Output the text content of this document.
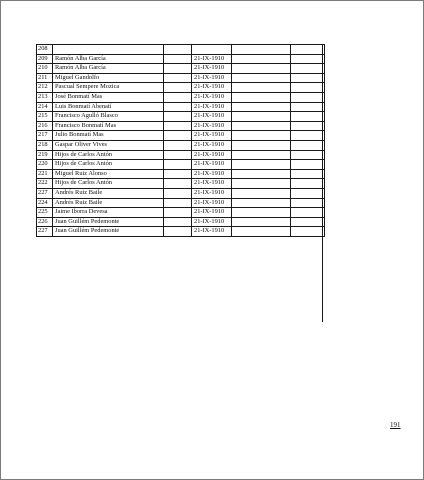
208					
209	Ramón Alba García		21-IX-1910		
210	Ramón Alba García		21-IX-1910		
211	Miguel Gandolfo		21-IX-1910		
212	Pascual Sempere Mozica		21-IX-1910		
213	José Bonmatí Mas		21-IX-1910		
214	Luis Bonmatí Abenatí		21-IX-1910		
215	Francisco Agulló Blasco		21-IX-1910		
216	Francisco Bonmatí Mas		21-IX-1910		
217	Julio Bonmatí Mas		21-IX-1910		
218	Gaspar Oliver Vives		21-IX-1910		
219	Hijos de Carlos Antón		21-IX-1910		
220	Hijos de Carlos Antón		21-IX-1910		
221	Miguel Ruiz Alonso		21-IX-1910		
222	Hijos de Carlos Antón		21-IX-1910		
227	Andrés Ruiz Baile		21-IX-1910		
224	Andrés Ruiz Baile		21-IX-1910		
225	Jaime Iborra Devesa		21-IX-1910		
226	Juan Guillém Pedemonte		21-IX-1910		
227	Juan Guillém Pedemonte		21-IX-1910		
191
